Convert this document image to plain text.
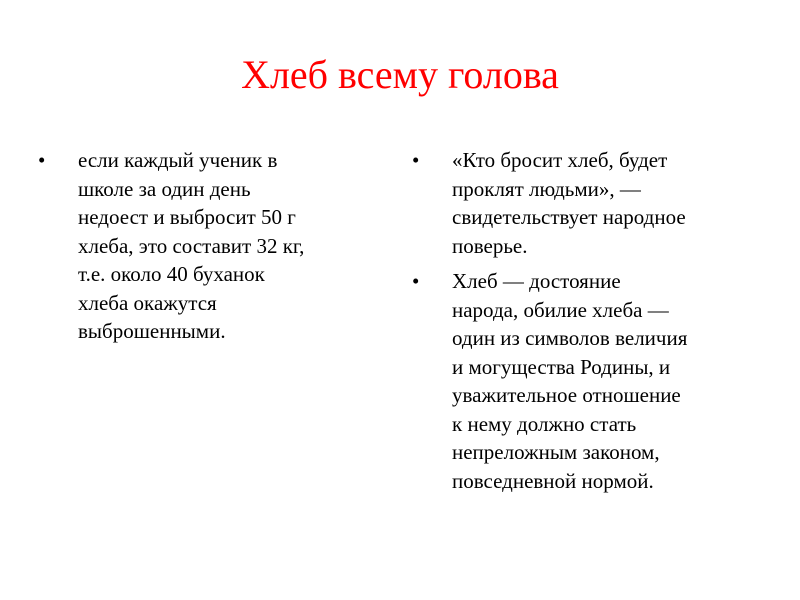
Хлеб всему голова
•	если каждый ученик в
школе за один день
недоест и выбросит 50 г
хлеба, это составит 32 кг,
т.е. около 40 буханок
хлеба окажутся
выброшенными.
•	«Кто бросит хлеб, будет
проклят людьми», —
свидетельствует народное
поверье.
•	Хлеб — достояние
народа, обилие хлеба —
один из символов величия
и могущества Родины, и
уважительное отношение
к нему должно стать
непреложным законом,
повседневной нормой.
